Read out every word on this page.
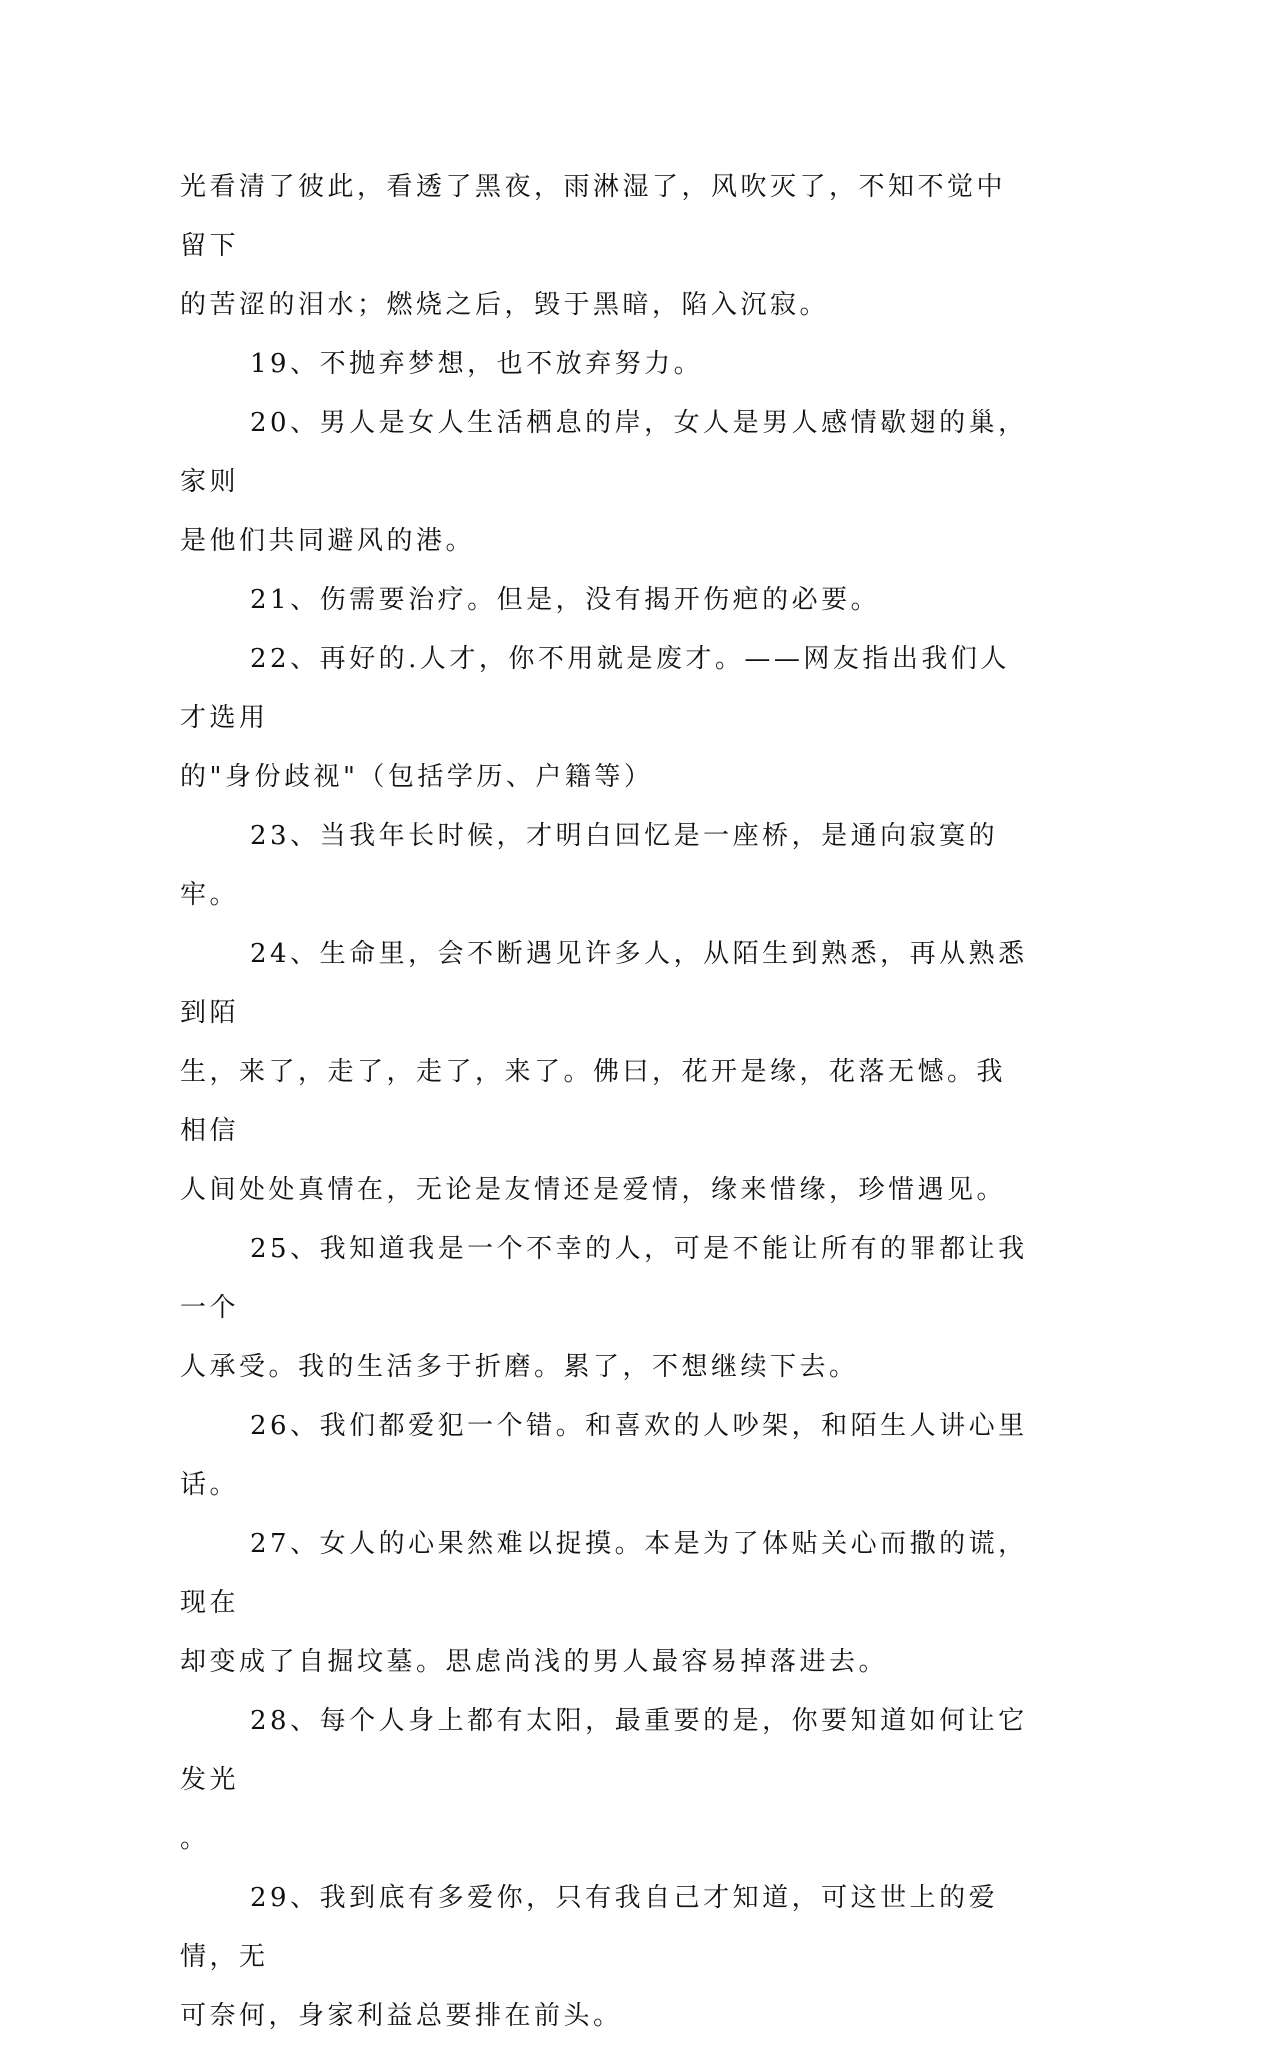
光看清了彼此，看透了黑夜，雨淋湿了，风吹灭了，不知不觉中留下
的苦涩的泪水；燃烧之后，毁于黑暗，陷入沉寂。

19、不抛弃梦想，也不放弃努力。

20、男人是女人生活栖息的岸，女人是男人感情歇翅的巢，家则
是他们共同避风的港。

21、伤需要治疗。但是，没有揭开伤疤的必要。

22、再好的.人才，你不用就是废才。——网友指出我们人才选用
的"身份歧视"（包括学历、户籍等）

23、当我年长时候，才明白回忆是一座桥，是通向寂寞的牢。

24、生命里，会不断遇见许多人，从陌生到熟悉，再从熟悉到陌
生，来了，走了，走了，来了。佛曰，花开是缘，花落无憾。我相信
人间处处真情在，无论是友情还是爱情，缘来惜缘，珍惜遇见。

25、我知道我是一个不幸的人，可是不能让所有的罪都让我一个
人承受。我的生活多于折磨。累了，不想继续下去。

26、我们都爱犯一个错。和喜欢的人吵架，和陌生人讲心里话。

27、女人的心果然难以捉摸。本是为了体贴关心而撒的谎，现在
却变成了自掘坟墓。思虑尚浅的男人最容易掉落进去。

28、每个人身上都有太阳，最重要的是，你要知道如何让它发光
。

29、我到底有多爱你，只有我自己才知道，可这世上的爱情，无
可奈何，身家利益总要排在前头。
